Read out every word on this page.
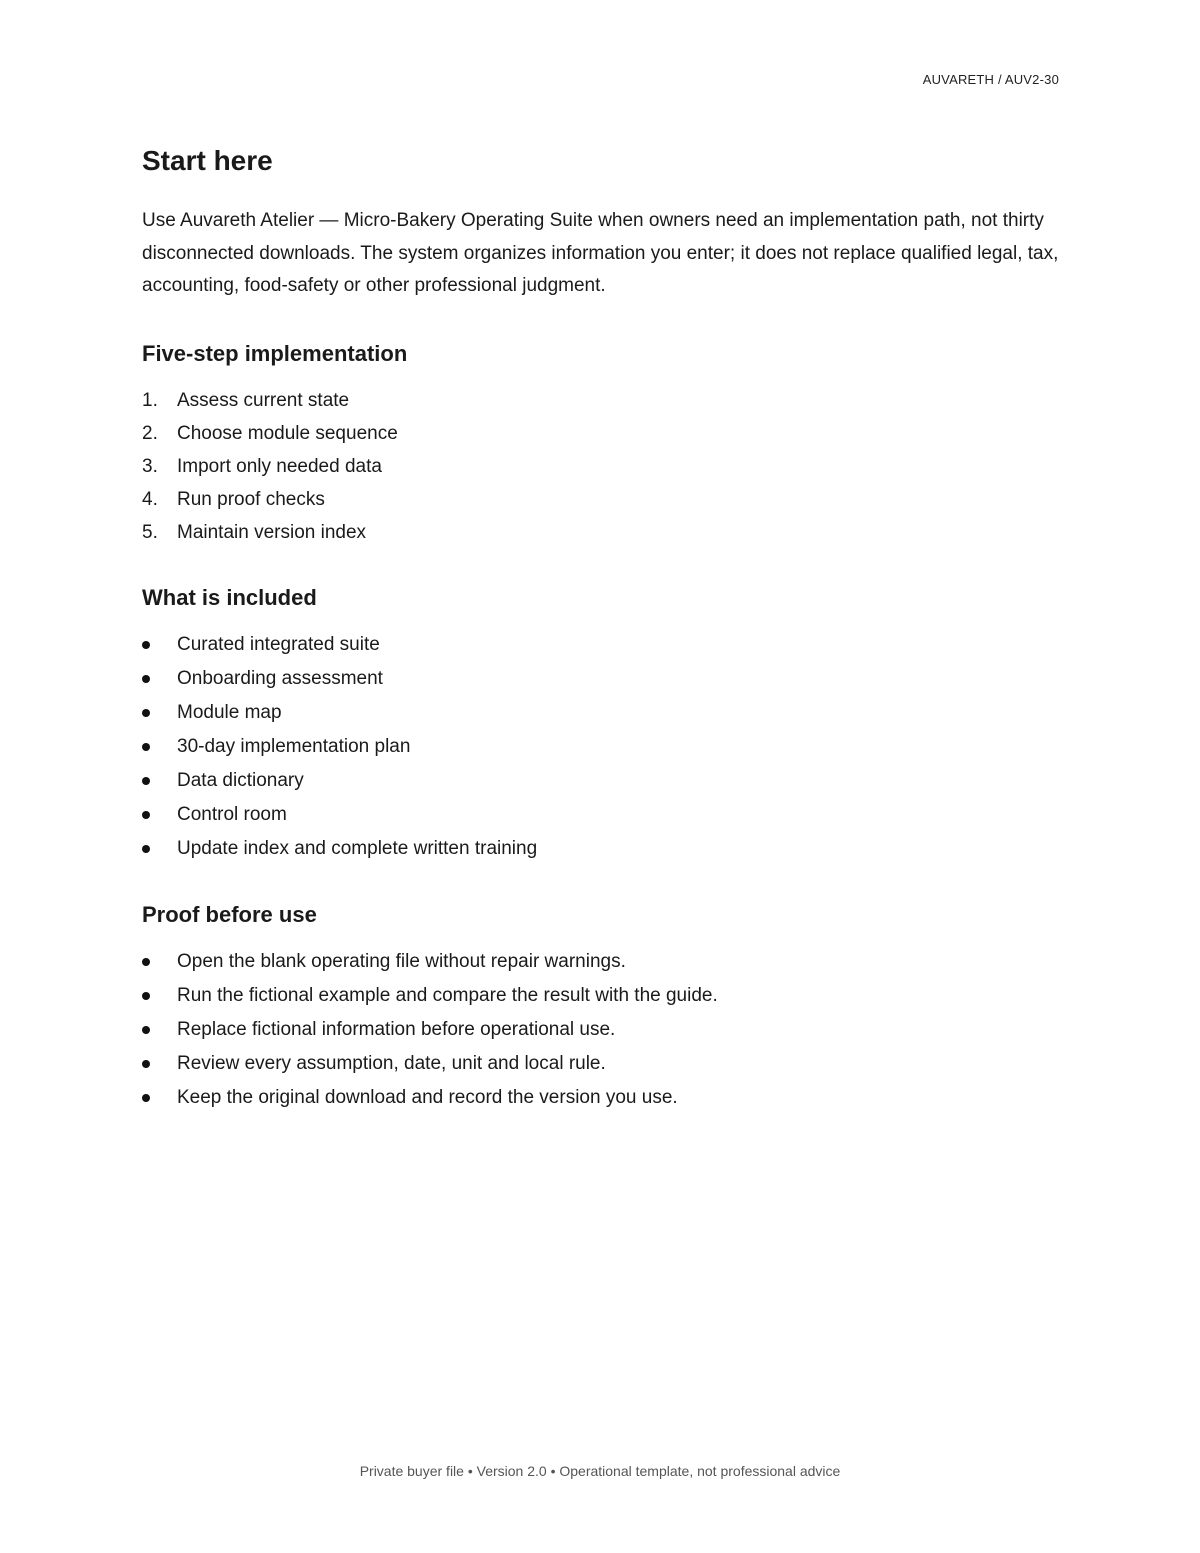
AUVARETH / AUV2-30
Start here

Use Auvareth Atelier — Micro-Bakery Operating Suite when owners need an implementation path, not thirty disconnected downloads. The system organizes information you enter; it does not replace qualified legal, tax, accounting, food-safety or other professional judgment.

Five-step implementation
1. Assess current state
2. Choose module sequence
3. Import only needed data
4. Run proof checks
5. Maintain version index
What is included
Curated integrated suite
Onboarding assessment
Module map
30-day implementation plan
Data dictionary
Control room
Update index and complete written training
Proof before use
Open the blank operating file without repair warnings.
Run the fictional example and compare the result with the guide.
Replace fictional information before operational use.
Review every assumption, date, unit and local rule.
Keep the original download and record the version you use.
Private buyer file • Version 2.0 • Operational template, not professional advice
